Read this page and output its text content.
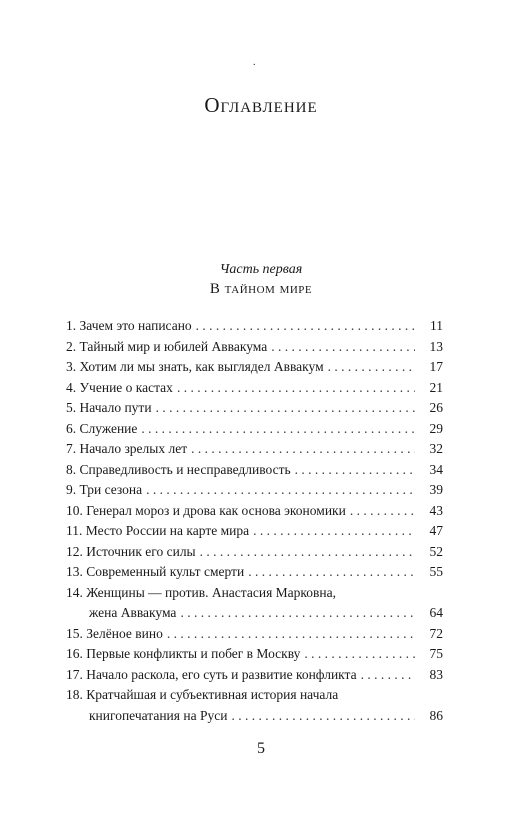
.
Оглавление
Часть первая
В тайном мире
1. Зачем это написано . . .	11
2. Тайный мир и юбилей Аввакума . . .	13
3. Хотим ли мы знать, как выглядел Аввакум . . .	17
4. Учение о кастах . . .	21
5. Начало пути . . .	26
6. Служение . . .	29
7. Начало зрелых лет . . .	32
8. Справедливость и несправедливость . . .	34
9. Три сезона . . .	39
10. Генерал мороз и дрова как основа экономики . . .	43
11. Место России на карте мира . . .	47
12. Источник его силы . . .	52
13. Современный культ смерти . . .	55
14. Женщины — против. Анастасия Марковна,
жена Аввакума . . .	64
15. Зелёное вино . . .	72
16. Первые конфликты и побег в Москву . . .	75
17. Начало раскола, его суть и развитие конфликта . . .	83
18. Кратчайшая и субъективная история начала
книгопечатания на Руси . . .	86
5
